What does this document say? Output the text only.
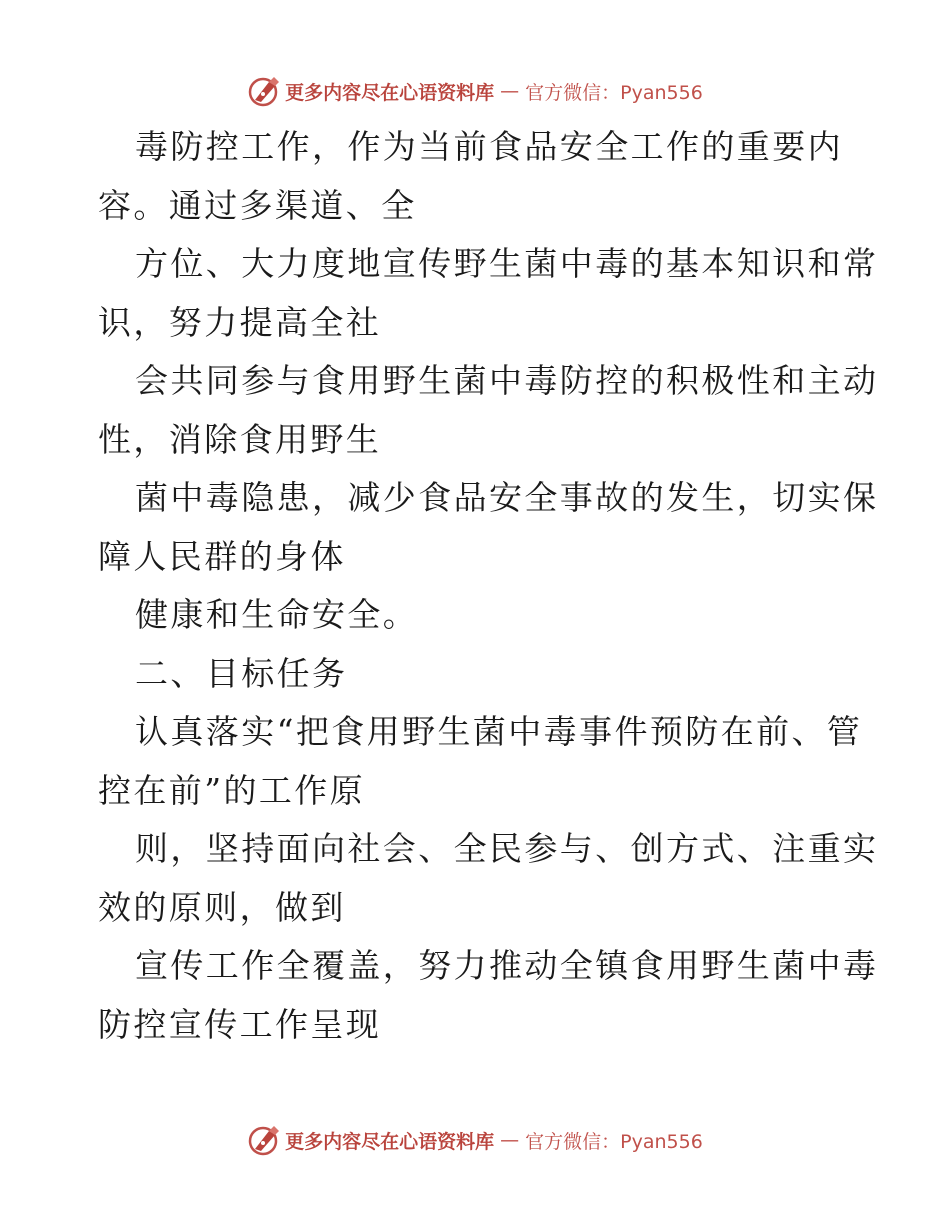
更多内容尽在心语资料库 — 官方微信：Pyan556
毒防控工作，作为当前食品安全工作的重要内
容。通过多渠道、全
方位、大力度地宣传野生菌中毒的基本知识和常
识，努力提高全社
会共同参与食用野生菌中毒防控的积极性和主动
性，消除食用野生
菌中毒隐患，减少食品安全事故的发生，切实保
障人民群的身体
健康和生命安全。
二、目标任务
认真落实“把食用野生菌中毒事件预防在前、管
控在前”的工作原
则，坚持面向社会、全民参与、创方式、注重实
效的原则，做到
宣传工作全覆盖，努力推动全镇食用野生菌中毒
防控宣传工作呈现
更多内容尽在心语资料库 — 官方微信：Pyan556
